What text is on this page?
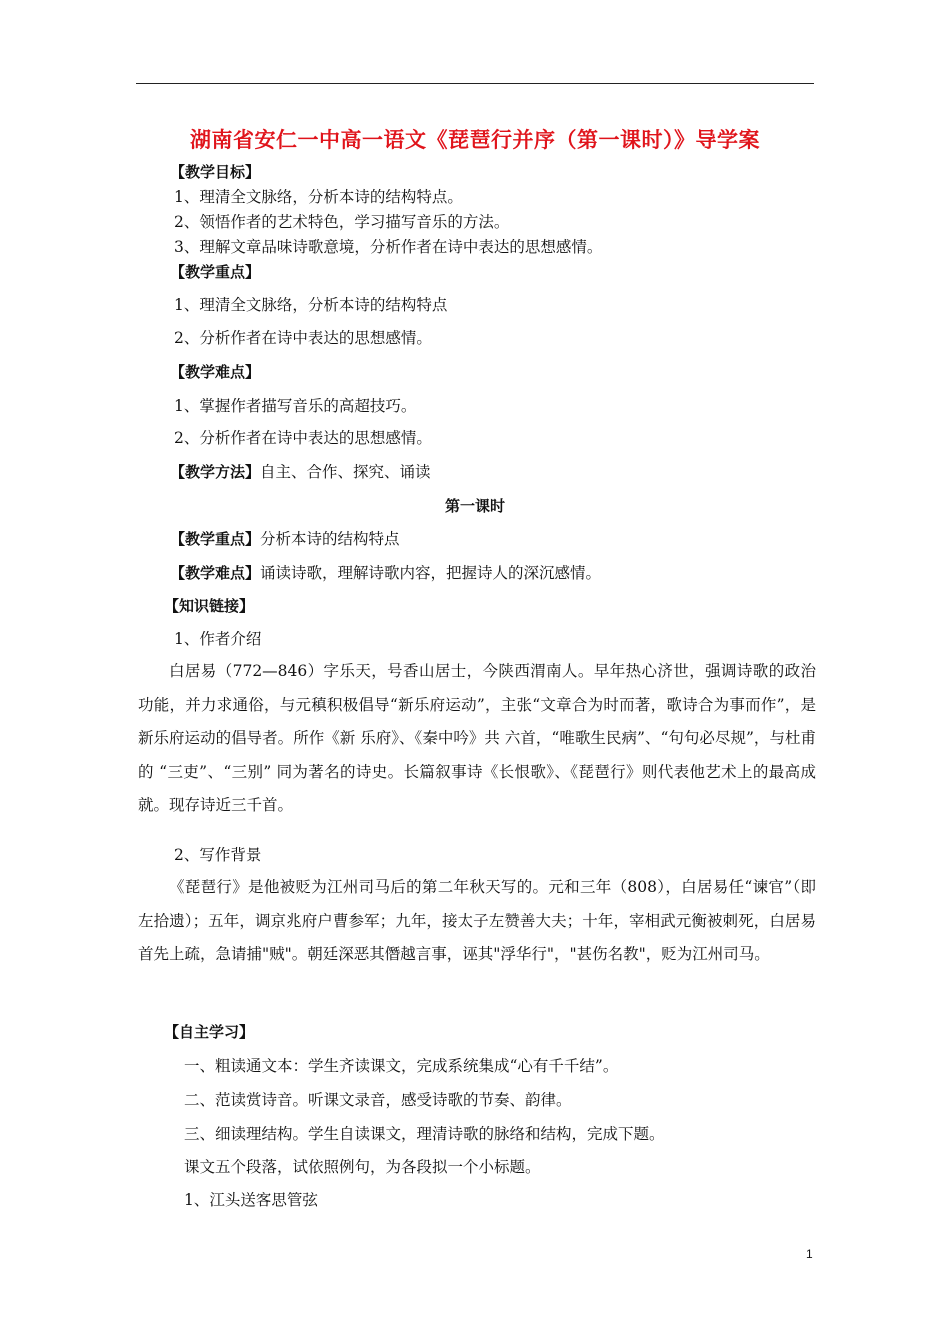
湖南省安仁一中高一语文《琵琶行并序（第一课时）》导学案
【教学目标】
1、理清全文脉络，分析本诗的结构特点。
2、领悟作者的艺术特色，学习描写音乐的方法。
3、理解文章品味诗歌意境，分析作者在诗中表达的思想感情。
【教学重点】
1、理清全文脉络，分析本诗的结构特点
2、分析作者在诗中表达的思想感情。
【教学难点】
1、掌握作者描写音乐的高超技巧。
2、分析作者在诗中表达的思想感情。
【教学方法】自主、合作、探究、诵读
第一课时
【教学重点】分析本诗的结构特点
【教学难点】诵读诗歌，理解诗歌内容，把握诗人的深沉感情。
【知识链接】
1、作者介绍
白居易（772—846）字乐天，号香山居士，今陕西渭南人。早年热心济世，强调诗歌的政治功能，并力求通俗，与元稹积极倡导“新乐府运动”，主张“文章合为时而著，歌诗合为事而作”，是新乐府运动的倡导者。所作《新 乐府》、《秦中吟》共 六首，“唯歌生民病”、“句句必尽规”，与杜甫的 “三吏”、“三别” 同为著名的诗史。长篇叙事诗《长恨歌》、《琵琶行》则代表他艺术上的最高成就。现存诗近三千首。
2、写作背景
《琵琶行》是他被贬为江州司马后的第二年秋天写的。元和三年（808），白居易任“谏官”（即左拾遗）；五年，调京兆府户曹参军；九年，接太子左赞善大夫；十年，宰相武元衡被刺死，白居易首先上疏，急请捕"贼"。朝廷深恶其僭越言事，诬其"浮华行"，"甚伤名教"，贬为江州司马。
【自主学习】
一、粗读通文本：学生齐读课文，完成系统集成“心有千千结”。
二、范读赏诗音。听课文录音，感受诗歌的节奏、韵律。
三、细读理结构。学生自读课文，理清诗歌的脉络和结构，完成下题。
课文五个段落，试依照例句，为各段拟一个小标题。
1、江头送客思管弦
1
